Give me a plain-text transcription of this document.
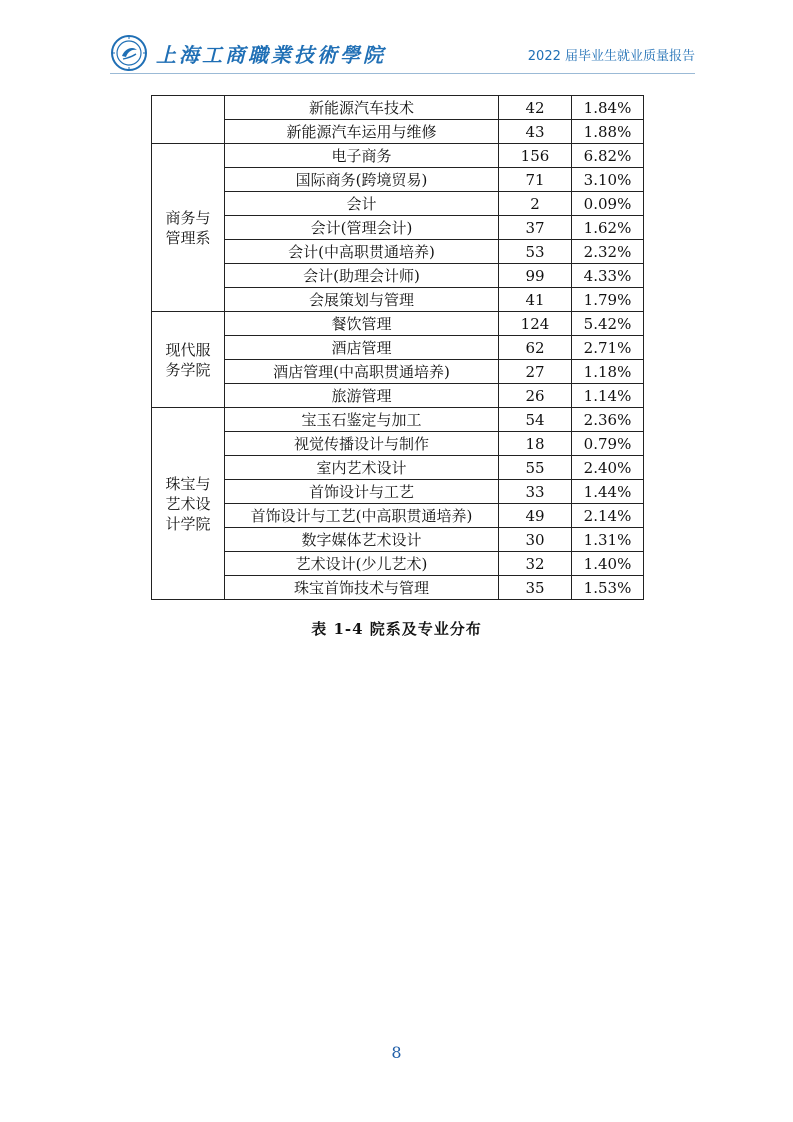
上海工商職業技術學院	2022 届毕业生就业质量报告
	新能源汽车技术	42	1.84%
	新能源汽车运用与维修	43	1.88%
商务与管理系	电子商务	156	6.82%
	国际商务(跨境贸易)	71	3.10%
	会计	2	0.09%
	会计(管理会计)	37	1.62%
	会计(中高职贯通培养)	53	2.32%
	会计(助理会计师)	99	4.33%
	会展策划与管理	41	1.79%
现代服务学院	餐饮管理	124	5.42%
	酒店管理	62	2.71%
	酒店管理(中高职贯通培养)	27	1.18%
	旅游管理	26	1.14%
珠宝与艺术设计学院	宝玉石鉴定与加工	54	2.36%
	视觉传播设计与制作	18	0.79%
	室内艺术设计	55	2.40%
	首饰设计与工艺	33	1.44%
	首饰设计与工艺(中高职贯通培养)	49	2.14%
	数字媒体艺术设计	30	1.31%
	艺术设计(少儿艺术)	32	1.40%
	珠宝首饰技术与管理	35	1.53%
表 1-4 院系及专业分布
8
